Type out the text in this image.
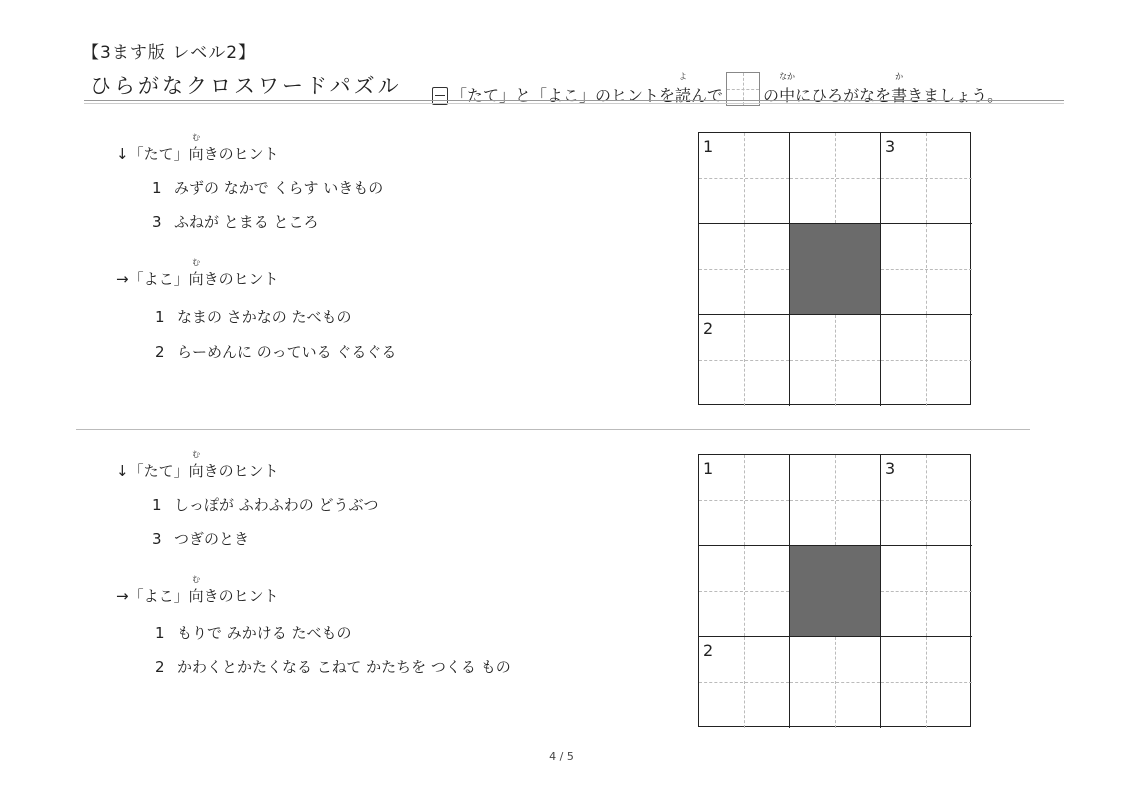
【3ます版 レベル2】
ひらがなクロスワードパズル	「たて」と「よこ」のヒントを
よ
読 んで	の
なか
中 にひろがなを
か
書 きましょう。
↓「たて」
む
向きのヒント
1 みずの なかで くらす いきもの
3 ふねが とまる ところ
→「よこ」
む
向きのヒント
1 なまの さかなの たべもの
2 らーめんに のっている ぐるぐる
1	3
2
↓「たて」
む
向きのヒント
1 しっぽが ふわふわの どうぶつ
3 つぎのとき
→「よこ」
む
向きのヒント
1 もりで みかける たべもの
2 かわくとかたくなる こねて かたちを つくる もの
1	3
2
4 / 5
